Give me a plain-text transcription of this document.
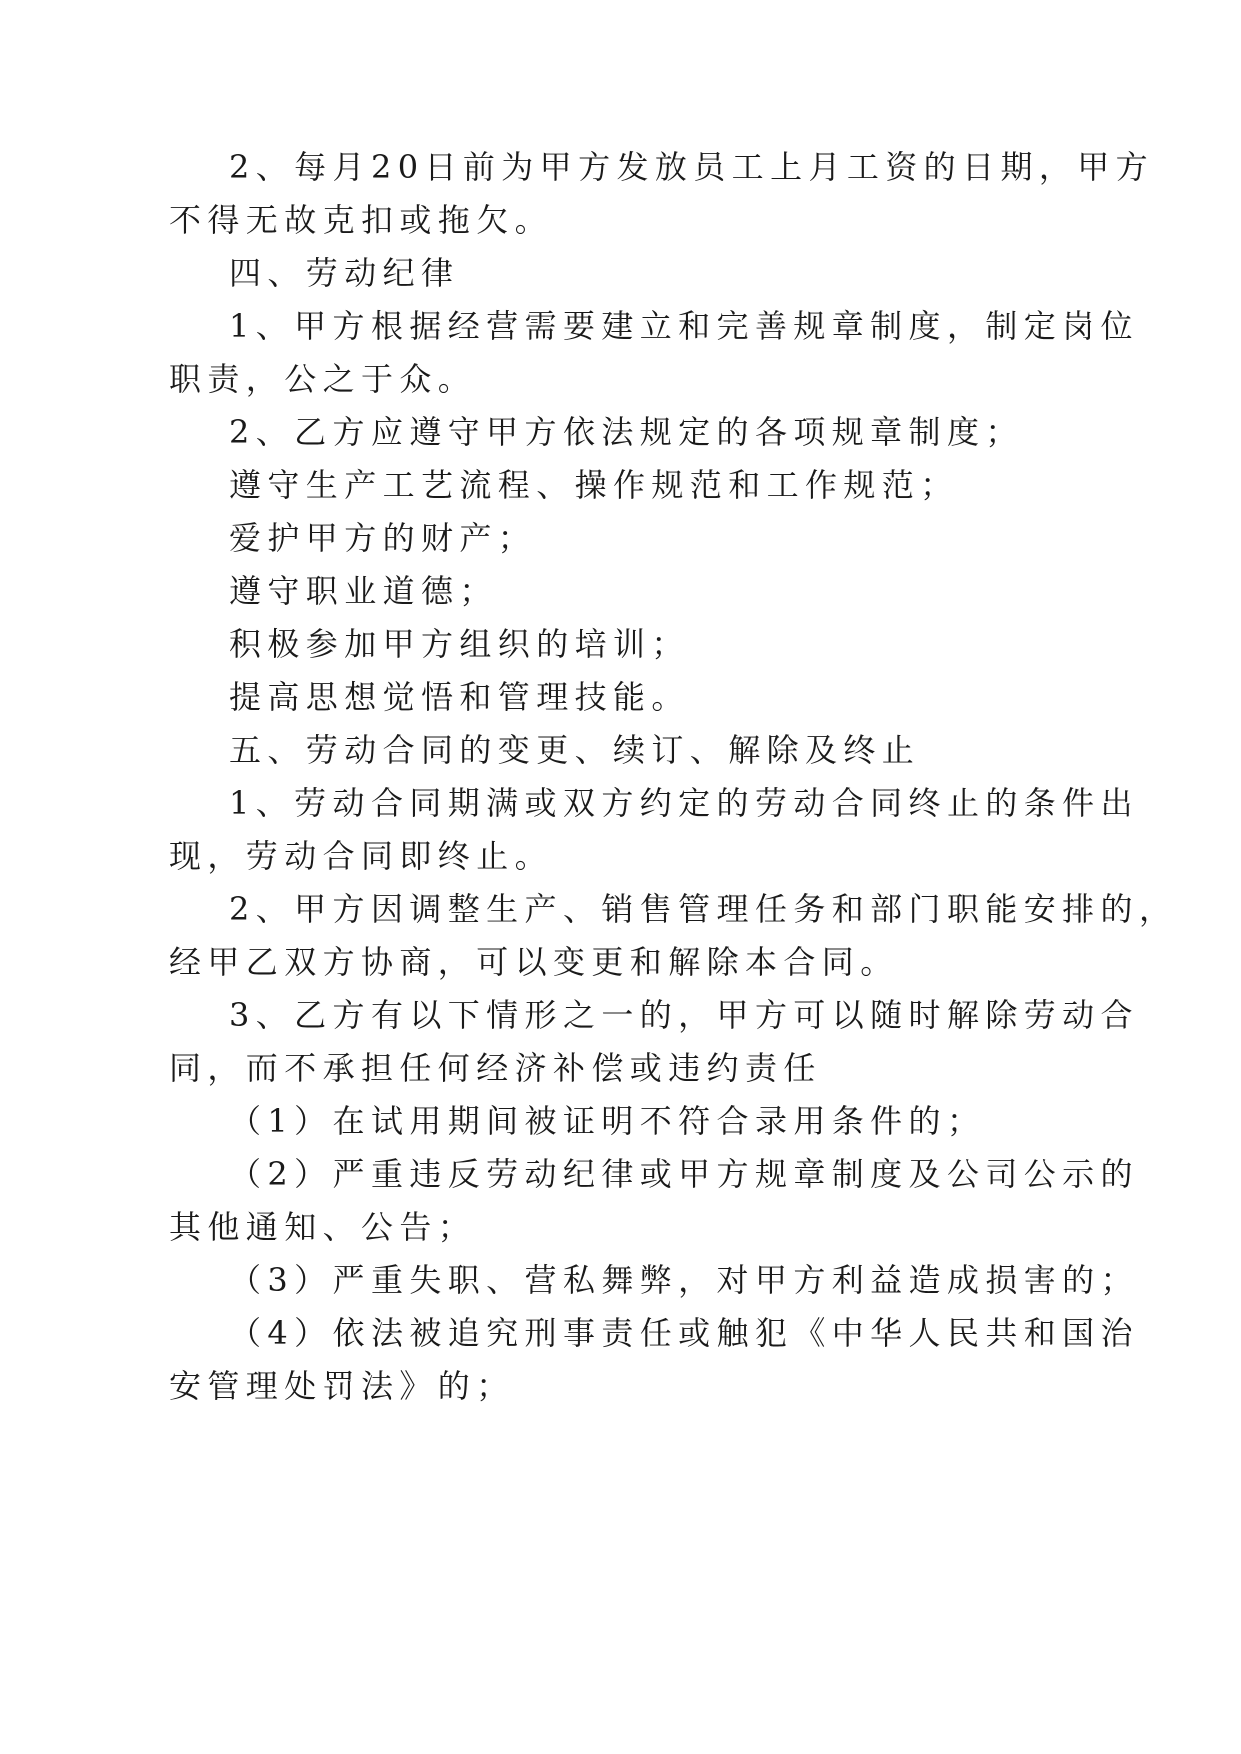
2、每月20日前为甲方发放员工上月工资的日期，甲方
不得无故克扣或拖欠。
四、劳动纪律
1、甲方根据经营需要建立和完善规章制度，制定岗位
职责，公之于众。
2、乙方应遵守甲方依法规定的各项规章制度；
遵守生产工艺流程、操作规范和工作规范；
爱护甲方的财产；
遵守职业道德；
积极参加甲方组织的培训；
提高思想觉悟和管理技能。
五、劳动合同的变更、续订、解除及终止
1、劳动合同期满或双方约定的劳动合同终止的条件出
现，劳动合同即终止。
2、甲方因调整生产、销售管理任务和部门职能安排的，
经甲乙双方协商，可以变更和解除本合同。
3、乙方有以下情形之一的，甲方可以随时解除劳动合
同，而不承担任何经济补偿或违约责任
（1）在试用期间被证明不符合录用条件的；
（2）严重违反劳动纪律或甲方规章制度及公司公示的
其他通知、公告；
（3）严重失职、营私舞弊，对甲方利益造成损害的；
（4）依法被追究刑事责任或触犯《中华人民共和国治
安管理处罚法》的；
